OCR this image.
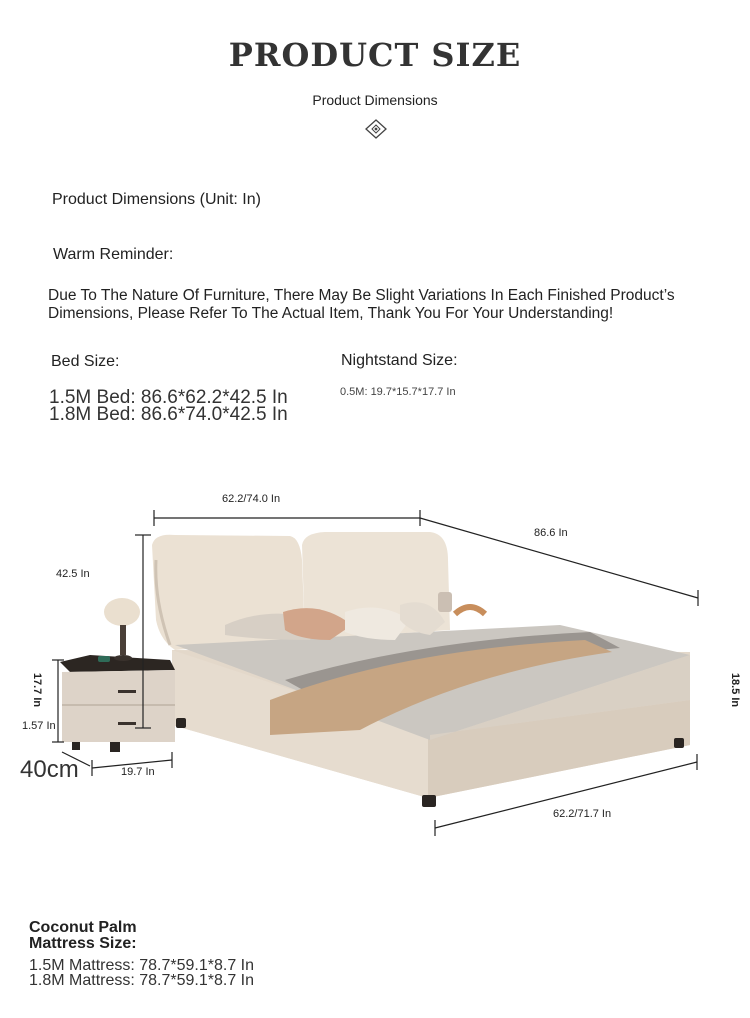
PRODUCT SIZE
Product Dimensions
Product Dimensions (Unit: In)
Warm Reminder:
Due To The Nature Of Furniture, There May Be Slight Variations In Each Finished Product’s Dimensions, Please Refer To The Actual Item, Thank You For Your Understanding!
Bed Size:	Nightstand Size:
1.5M Bed: 86.6*62.2*42.5 In
1.8M Bed: 86.6*74.0*42.5 In
0.5M: 19.7*15.7*17.7 In
62.2/74.0 In
86.6 In
42.5 In
18.5 In
17.7 In
1.57 In
40cm	19.7 In
62.2/71.7 In
Coconut Palm Mattress Size:
1.5M Mattress: 78.7*59.1*8.7 In 1.8M Mattress: 78.7*59.1*8.7 In
